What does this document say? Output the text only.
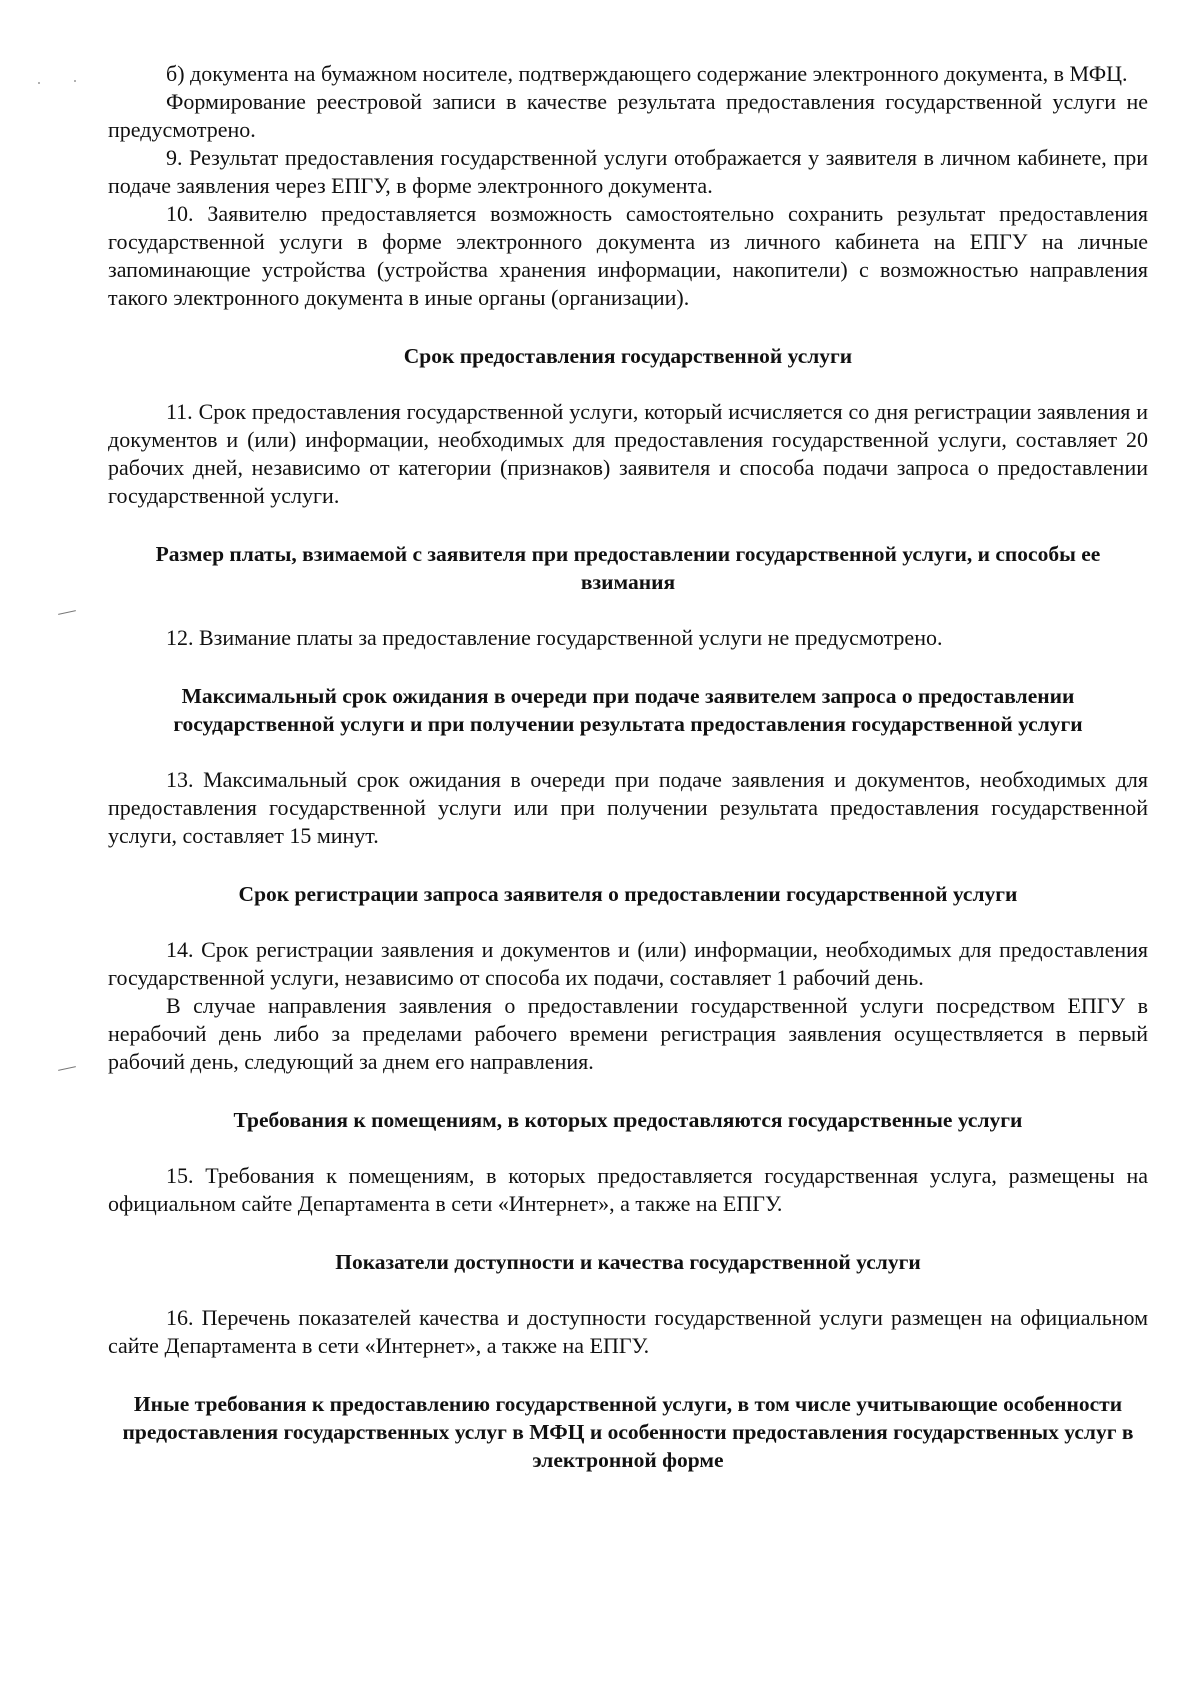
б) документа на бумажном носителе, подтверждающего содержание электронного документа, в МФЦ.

Формирование реестровой записи в качестве результата предоставления государственной услуги не предусмотрено.

9. Результат предоставления государственной услуги отображается у заявителя в личном кабинете, при подаче заявления через ЕПГУ, в форме электронного документа.

10. Заявителю предоставляется возможность самостоятельно сохранить результат предоставления государственной услуги в форме электронного документа из личного кабинета на ЕПГУ на личные запоминающие устройства (устройства хранения информации, накопители) с возможностью направления такого электронного документа в иные органы (организации).

Срок предоставления государственной услуги

11. Срок предоставления государственной услуги, который исчисляется со дня регистрации заявления и документов и (или) информации, необходимых для предоставления государственной услуги, составляет 20 рабочих дней, независимо от категории (признаков) заявителя и способа подачи запроса о предоставлении государственной услуги.

Размер платы, взимаемой с заявителя при предоставлении государственной услуги, и способы ее взимания

12. Взимание платы за предоставление государственной услуги не предусмотрено.

Максимальный срок ожидания в очереди при подаче заявителем запроса о предоставлении государственной услуги и при получении результата предоставления государственной услуги

13. Максимальный срок ожидания в очереди при подаче заявления и документов, необходимых для предоставления государственной услуги или при получении результата предоставления государственной услуги, составляет 15 минут.

Срок регистрации запроса заявителя о предоставлении государственной услуги

14. Срок регистрации заявления и документов и (или) информации, необходимых для предоставления государственной услуги, независимо от способа их подачи, составляет 1 рабочий день.

В случае направления заявления о предоставлении государственной услуги посредством ЕПГУ в нерабочий день либо за пределами рабочего времени регистрация заявления осуществляется в первый рабочий день, следующий за днем его направления.

Требования к помещениям, в которых предоставляются государственные услуги

15. Требования к помещениям, в которых предоставляется государственная услуга, размещены на официальном сайте Департамента в сети «Интернет», а также на ЕПГУ.

Показатели доступности и качества государственной услуги

16. Перечень показателей качества и доступности государственной услуги размещен на официальном сайте Департамента в сети «Интернет», а также на ЕПГУ.

Иные требования к предоставлению государственной услуги, в том числе учитывающие особенности предоставления государственных услуг в МФЦ и особенности предоставления государственных услуг в электронной форме
